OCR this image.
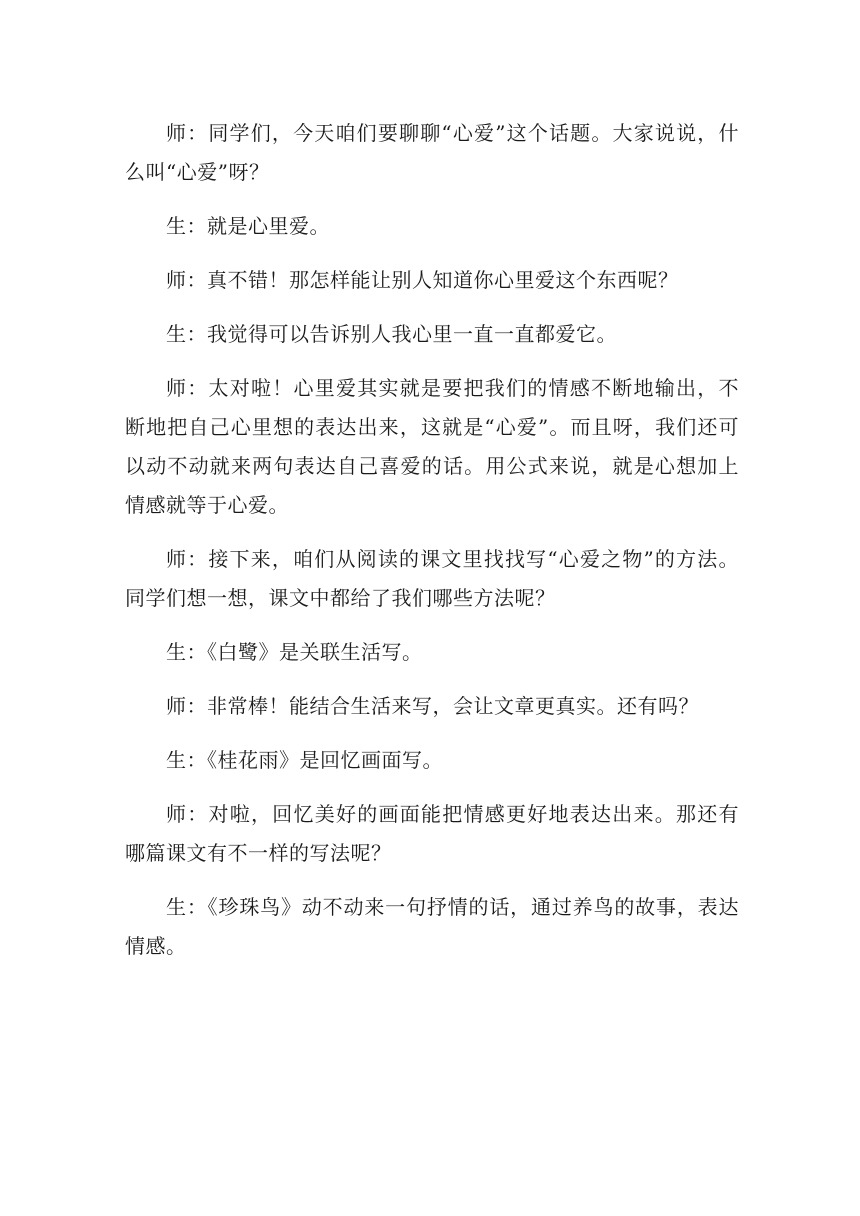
师：同学们，今天咱们要聊聊“心爱”这个话题。大家说说，什么叫“心爱”呀？

生：就是心里爱。

师：真不错！那怎样能让别人知道你心里爱这个东西呢？

生：我觉得可以告诉别人我心里一直一直都爱它。

师：太对啦！心里爱其实就是要把我们的情感不断地输出，不断地把自己心里想的表达出来，这就是“心爱”。而且呀，我们还可以动不动就来两句表达自己喜爱的话。用公式来说，就是心想加上情感就等于心爱。

师：接下来，咱们从阅读的课文里找找写“心爱之物”的方法。同学们想一想，课文中都给了我们哪些方法呢？

生：《白鹭》是关联生活写。

师：非常棒！能结合生活来写，会让文章更真实。还有吗？

生：《桂花雨》是回忆画面写。

师：对啦，回忆美好的画面能把情感更好地表达出来。那还有哪篇课文有不一样的写法呢？

生：《珍珠鸟》动不动来一句抒情的话，通过养鸟的故事，表达情感。
